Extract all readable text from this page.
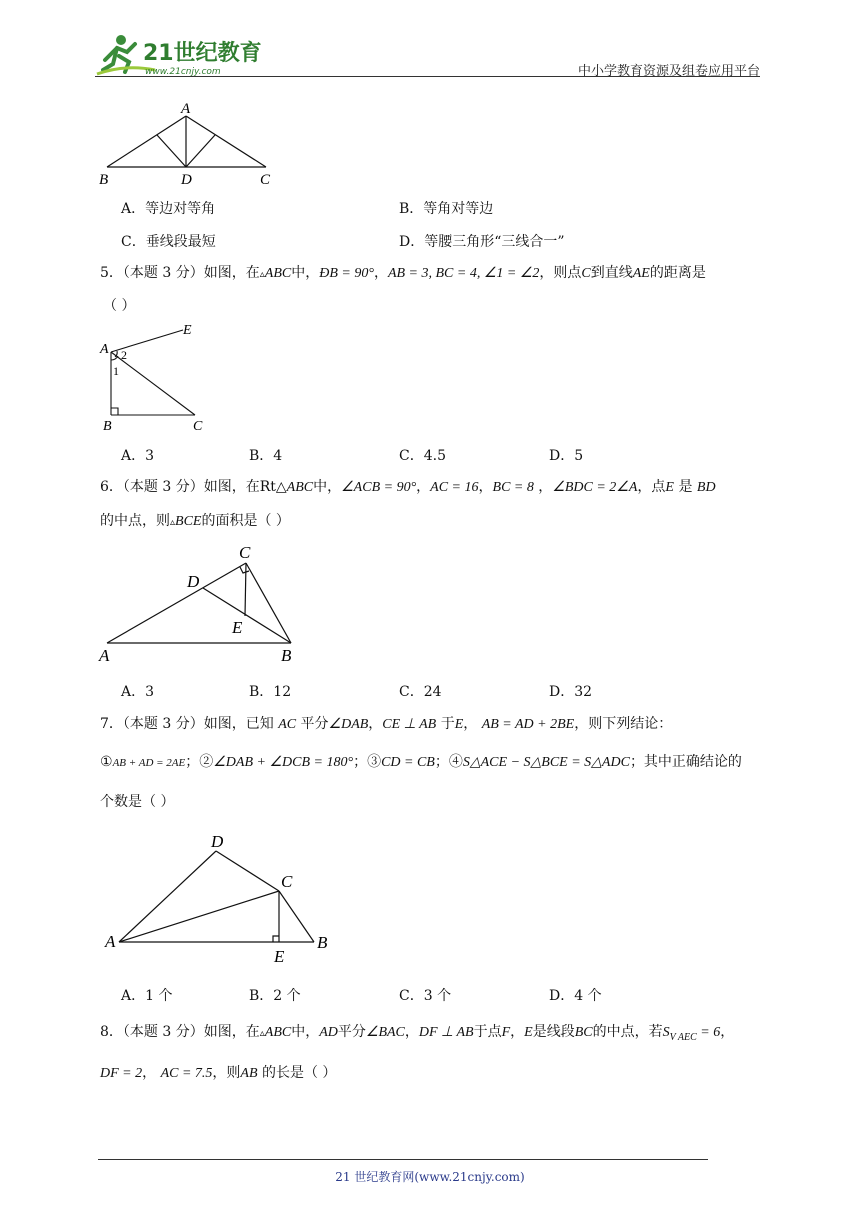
21世纪教育
www.21cnjy.com	中小学教育资源及组卷应用平台
A
B	D	C
A．等边对等角	B．等角对等边
C．垂线段最短	D．等腰三角形“三线合一”
5．（本题 3 分）如图，在▵ABC中，ÐB = 90°，AB = 3, BC = 4, ∠1 = ∠2，则点C到直线AE的距离是
（ ）
A
E
B	C
1
2
A．3	B．4	C．4.5	D．5
6．（本题 3 分）如图，在Rt△ABC中，∠ACB = 90°，AC = 16，BC = 8 ，∠BDC = 2∠A，点E 是 BD
的中点，则▵BCE的面积是（ ）
C
D
E
A	B
A．3	B．12	C．24	D．32
7．（本题 3 分）如图，已知 AC 平分∠DAB，CE ⊥ AB 于E， AB = AD + 2BE，则下列结论：
①AB + AD = 2AE；②∠DAB + ∠DCB = 180°；③CD = CB；④S△ACE − S△BCE = S△ADC；其中正确结论的
个数是（ ）
D
C
A
E
B
A．1 个	B．2 个	C．3 个	D．4 个
8．（本题 3 分）如图，在▵ABC中，AD平分∠BAC，DF ⊥ AB于点F，E是线段BC的中点，若$S_{V AEC} = 6$，
DF = 2， AC = 7.5，则AB 的长是（ ）
21 世纪教育网(www.21cnjy.com)
